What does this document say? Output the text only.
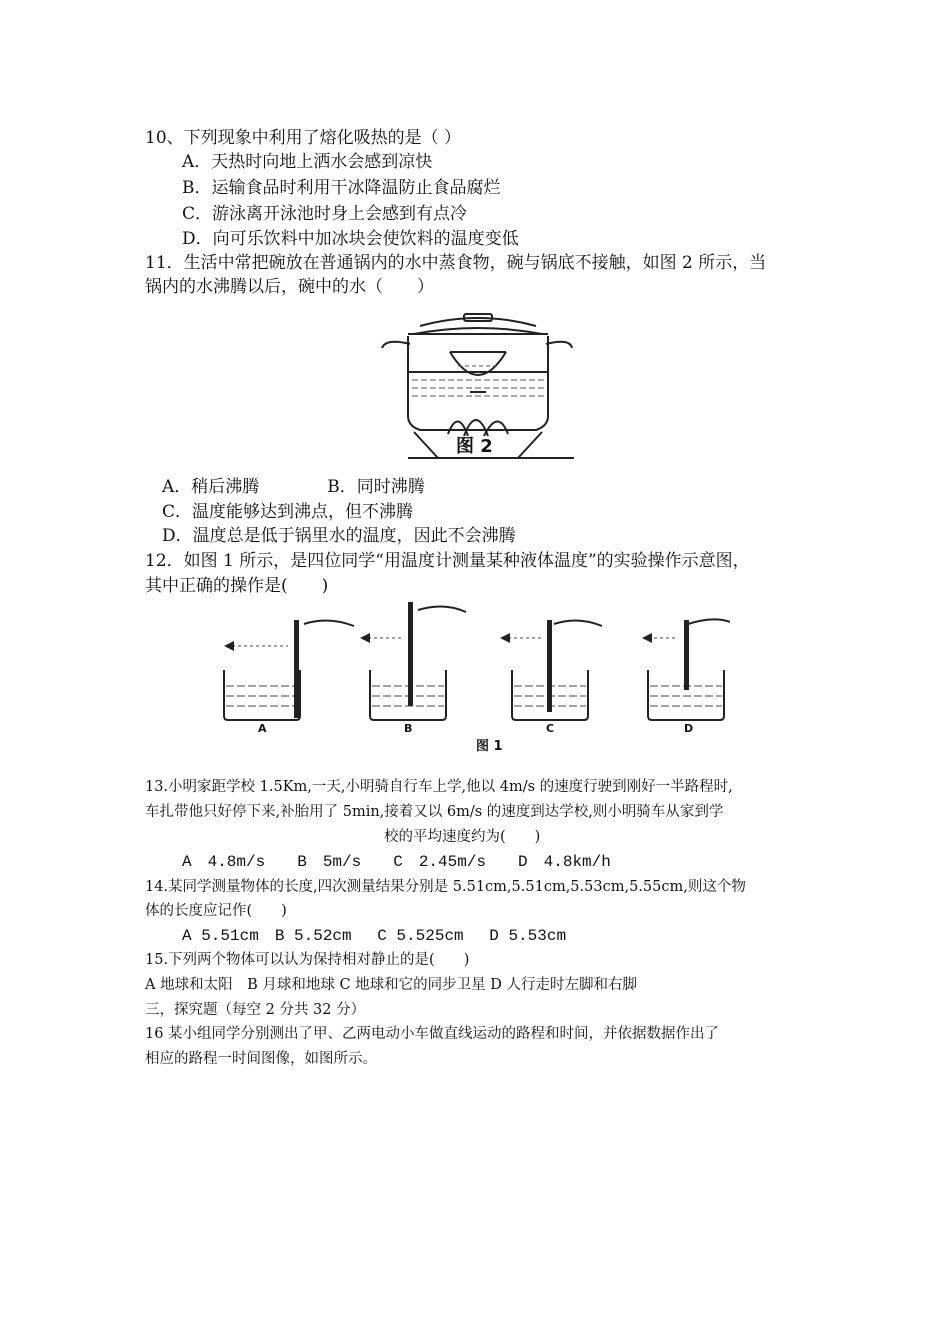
10、下列现象中利用了熔化吸热的是（ ）
A．天热时向地上洒水会感到凉快
B．运输食品时利用干冰降温防止食品腐烂
C．游泳离开泳池时身上会感到有点冷
D．向可乐饮料中加冰块会使饮料的温度变低
11．生活中常把碗放在普通锅内的水中蒸食物，碗与锅底不接触，如图 2 所示，当
锅内的水沸腾以后，碗中的水（　　）
图 2
A．稍后沸腾　　　　B．同时沸腾
C．温度能够达到沸点，但不沸腾
D．温度总是低于锅里水的温度，因此不会沸腾
12．如图 1 所示，是四位同学“用温度计测量某种液体温度”的实验操作示意图，
其中正确的操作是(　　)
A	B	C	D
图 1
13.小明家距学校 1.5Km,一天,小明骑自行车上学,他以 4m/s 的速度行驶到刚好一半路程时,
车扎带他只好停下来,补胎用了 5min,接着又以 6m/s 的速度到达学校,则小明骑车从家到学
校的平均速度约为(　　)
A　4.8m/s　　B　5m/s　　C　2.45m/s　　D　4.8km/h
14.某同学测量物体的长度,四次测量结果分别是 5.51cm,5.51cm,5.53cm,5.55cm,则这个物
体的长度应记作(　　)
A 5.51cm　B 5.52cm　 C 5.525cm　 D 5.53cm
15.下列两个物体可以认为保持相对静止的是(　　)
A 地球和太阳　B 月球和地球 C 地球和它的同步卫星 D 人行走时左脚和右脚
三，探究题（每空 2 分共 32 分）
16 某小组同学分别测出了甲、乙两电动小车做直线运动的路程和时间，并依据数据作出了
相应的路程一时间图像，如图所示。
